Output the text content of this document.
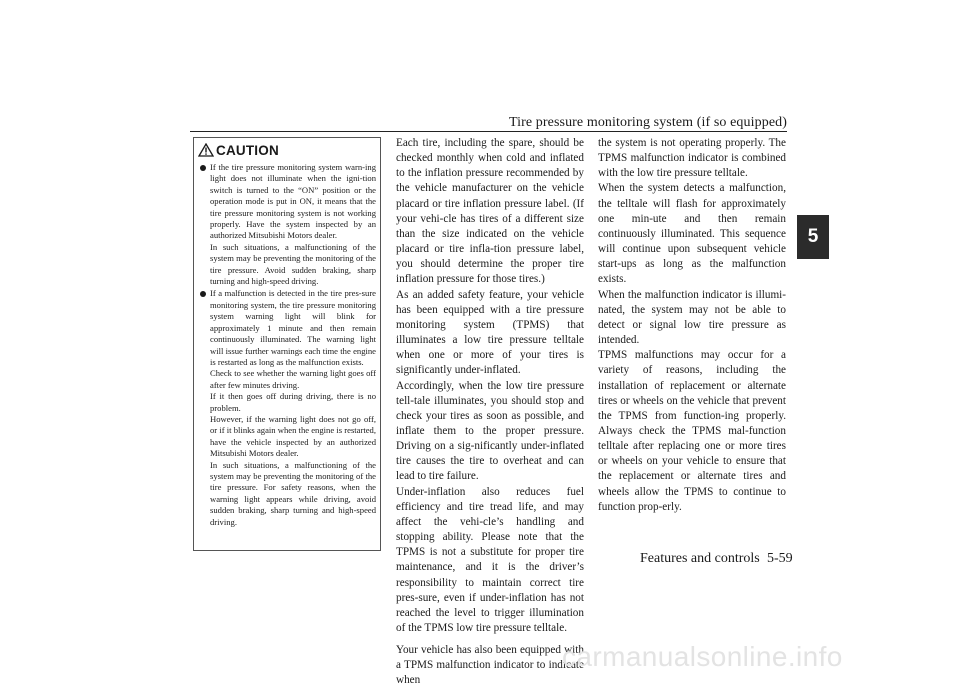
Tire pressure monitoring system (if so equipped)
5
CAUTION

If the tire pressure monitoring system warn-ing light does not illuminate when the igni-tion switch is turned to the “ON” position or the operation mode is put in ON, it means that the tire pressure monitoring system is not working properly. Have the system inspected by an authorized Mitsubishi Motors dealer.

In such situations, a malfunctioning of the system may be preventing the monitoring of the tire pressure. Avoid sudden braking, sharp turning and high-speed driving.

If a malfunction is detected in the tire pres-sure monitoring system, the tire pressure monitoring system warning light will blink for approximately 1 minute and then remain continuously illuminated. The warning light will issue further warnings each time the engine is restarted as long as the malfunction exists.

Check to see whether the warning light goes off after few minutes driving.

If it then goes off during driving, there is no problem.

However, if the warning light does not go off, or if it blinks again when the engine is restarted, have the vehicle inspected by an authorized Mitsubishi Motors dealer.

In such situations, a malfunctioning of the system may be preventing the monitoring of the tire pressure. For safety reasons, when the warning light appears while driving, avoid sudden braking, sharp turning and high-speed driving.

Each tire, including the spare, should be checked monthly when cold and inflated to the inflation pressure recommended by the vehicle manufacturer on the vehicle placard or tire inflation pressure label. (If your vehi-cle has tires of a different size than the size indicated on the vehicle placard or tire infla-tion pressure label, you should determine the proper tire inflation pressure for those tires.)

As an added safety feature, your vehicle has been equipped with a tire pressure monitoring system (TPMS) that illuminates a low tire pressure telltale when one or more of your tires is significantly under-inflated.

Accordingly, when the low tire pressure tell-tale illuminates, you should stop and check your tires as soon as possible, and inflate them to the proper pressure. Driving on a sig-nificantly under-inflated tire causes the tire to overheat and can lead to tire failure.

Under-inflation also reduces fuel efficiency and tire tread life, and may affect the vehi-cle’s handling and stopping ability. Please note that the TPMS is not a substitute for proper tire maintenance, and it is the driver’s responsibility to maintain correct tire pres-sure, even if under-inflation has not reached the level to trigger illumination of the TPMS low tire pressure telltale.

Your vehicle has also been equipped with a TPMS malfunction indicator to indicate when

the system is not operating properly. The TPMS malfunction indicator is combined with the low tire pressure telltale.

When the system detects a malfunction, the telltale will flash for approximately one min-ute and then remain continuously illuminated. This sequence will continue upon subsequent vehicle start-ups as long as the malfunction exists.

When the malfunction indicator is illumi-nated, the system may not be able to detect or signal low tire pressure as intended.

TPMS malfunctions may occur for a variety of reasons, including the installation of replacement or alternate tires or wheels on the vehicle that prevent the TPMS from function-ing properly. Always check the TPMS mal-function telltale after replacing one or more tires or wheels on your vehicle to ensure that the replacement or alternate tires and wheels allow the TPMS to continue to function prop-erly.

Features and controls 5-59
carmanualsonline.info
